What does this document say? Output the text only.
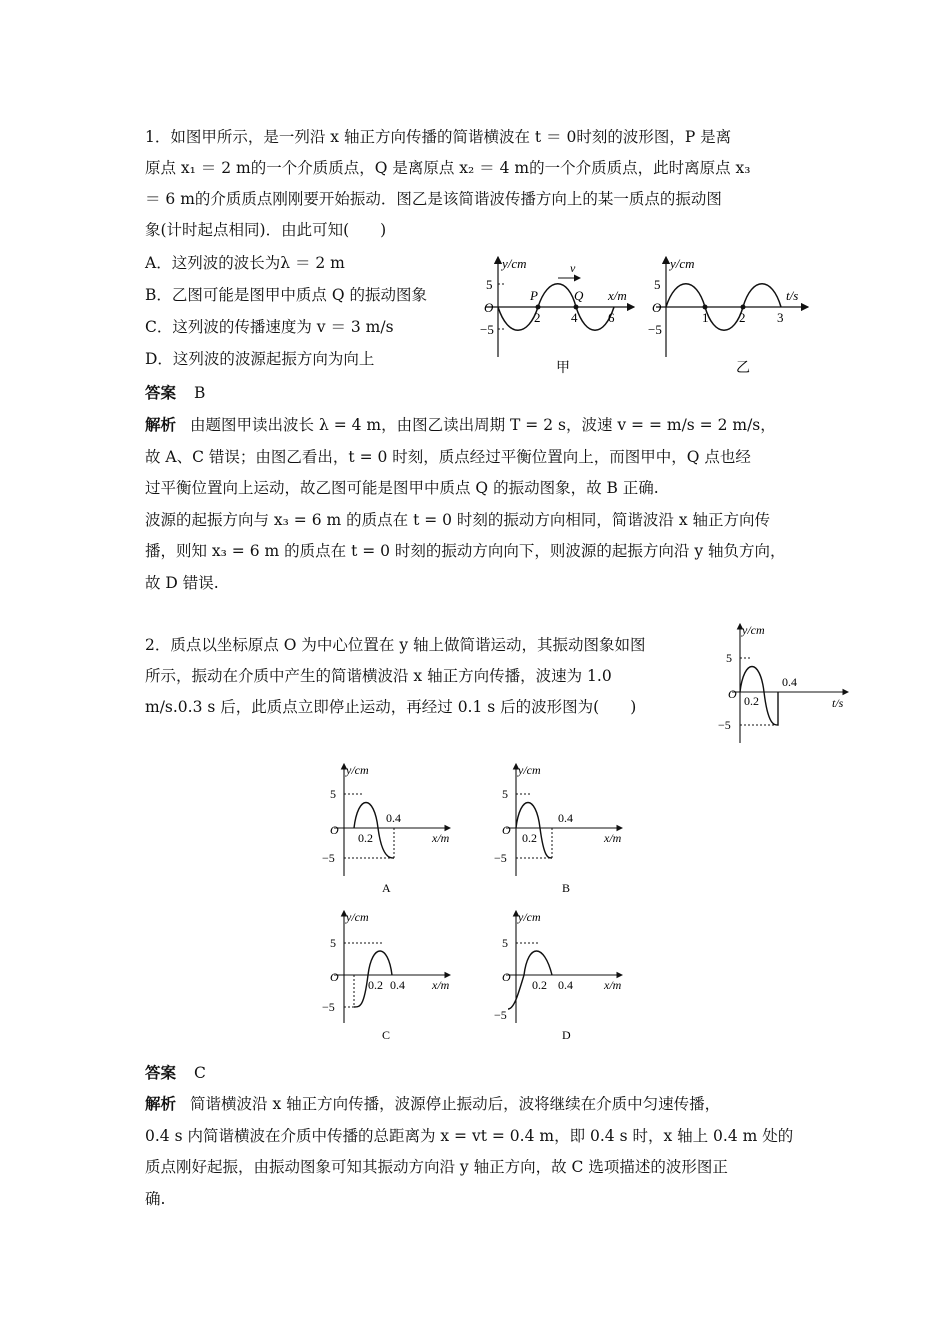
1．如图甲所示，是一列沿 x 轴正方向传播的简谐横波在 t ＝ 0时刻的波形图，P 是离
原点 x₁ ＝ 2 m的一个介质质点，Q 是离原点 x₂ ＝ 4 m的一个介质质点，此时离原点 x₃
＝ 6 m的介质质点刚刚要开始振动．图乙是该简谐波传播方向上的某一质点的振动图
象(计时起点相同)．由此可知(　　)
A．这列波的波长为λ ＝ 2 m
B．乙图可能是图甲中质点 Q 的振动图象
C．这列波的传播速度为 v ＝ 3 m/s
D．这列波的波源起振方向为向上
y/cm
x/m
5
−5
O
2 4 6
P	Q
v
甲
y/cm
t/s
5
−5
O
1 2 3
乙
答案 B
解析 由题图甲读出波长 λ = 4 m，由图乙读出周期 T = 2 s，波速 v = = m/s = 2 m/s，
故 A、C 错误；由图乙看出，t = 0 时刻，质点经过平衡位置向上，而图甲中，Q 点也经
过平衡位置向上运动，故乙图可能是图甲中质点 Q 的振动图象，故 B 正确.
波源的起振方向与 x₃ = 6 m 的质点在 t = 0 时刻的振动方向相同，简谐波沿 x 轴正方向传
播，则知 x₃ = 6 m 的质点在 t = 0 时刻的振动方向向下，则波源的起振方向沿 y 轴负方向，
故 D 错误.
2．质点以坐标原点 O 为中心位置在 y 轴上做简谐运动，其振动图象如图
所示，振动在介质中产生的简谐横波沿 x 轴正方向传播，波速为 1.0
m/s.0.3 s 后，此质点立即停止运动，再经过 0.1 s 后的波形图为(　　)
y/cm
t/s
5
−5
O 0.2
0.4
y/cm
x/m
5
−5
O
0.2
0.4
A
y/cm
x/m
5
−5
O
0.2
0.4
B
y/cm
x/m
5
−5
O
0.2 0.4
C
y/cm
x/m
5
−5
O
0.2 0.4
D
答案 C
解析 简谐横波沿 x 轴正方向传播，波源停止振动后，波将继续在介质中匀速传播，
0.4 s 内简谐横波在介质中传播的总距离为 x = vt = 0.4 m，即 0.4 s 时，x 轴上 0.4 m 处的
质点刚好起振，由振动图象可知其振动方向沿 y 轴正方向，故 C 选项描述的波形图正
确.
